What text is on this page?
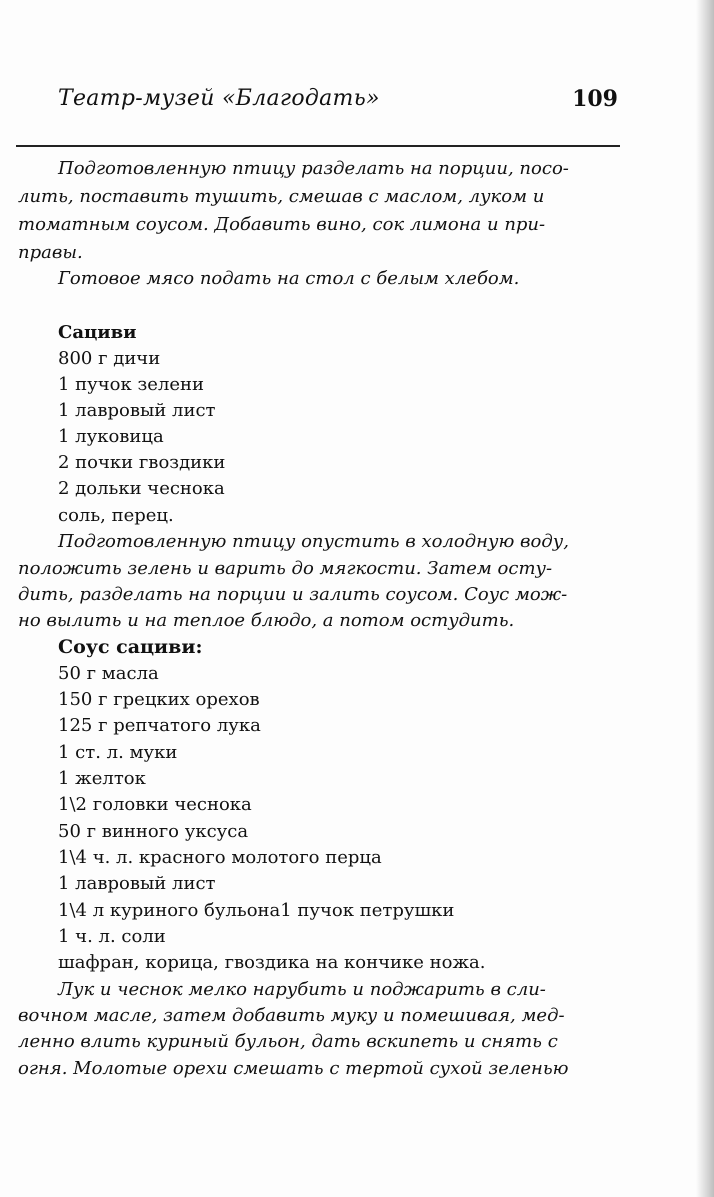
Театр-музей «Благодать»	109
Подготовленную птицу разделать на порции, посо-
лить, поставить тушить, смешав с маслом, луком и
томатным соусом. Добавить вино, сок лимона и при-
правы.
Готовое мясо подать на стол с белым хлебом.
Сациви
800 г дичи
1 пучок зелени
1 лавровый лист
1 луковица
2 почки гвоздики
2 дольки чеснока
соль, перец.
Подготовленную птицу опустить в холодную воду,
положить зелень и варить до мягкости. Затем осту-
дить, разделать на порции и залить соусом. Соус мож-
но вылить и на теплое блюдо, а потом остудить.
Соус сациви:
50 г масла
150 г грецких орехов
125 г репчатого лука
1 ст. л. муки
1 желток
1\2 головки чеснока
50 г винного уксуса
1\4 ч. л. красного молотого перца
1 лавровый лист
1\4 л куриного бульона1 пучок петрушки
1 ч. л. соли
шафран, корица, гвоздика на кончике ножа.
Лук и чеснок мелко нарубить и поджарить в сли-
вочном масле, затем добавить муку и помешивая, мед-
ленно влить куриный бульон, дать вскипеть и снять с
огня. Молотые орехи смешать с тертой сухой зеленью
